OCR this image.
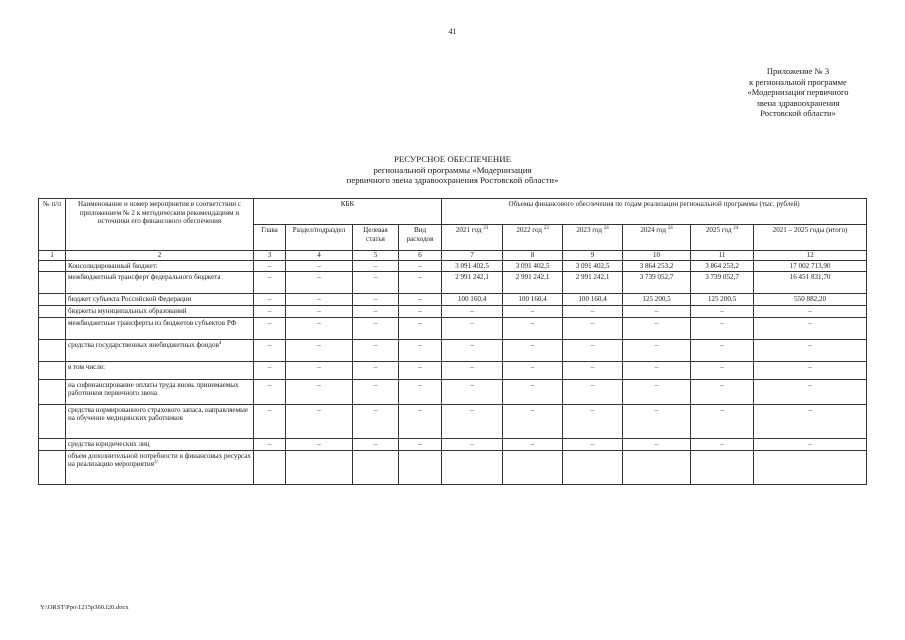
41
Приложение № 3
к региональной программе
«Модернизация первичного
звена здравоохранения
Ростовской области»
РЕСУРСНОЕ ОБЕСПЕЧЕНИЕ
региональной программы «Модернизация
первичного звена здравоохранения Ростовской области»
№ п/п	Наименование и номер мероприятия в соответствии с приложением № 2 к методическим рекомендациям и источники его финансового обеспечения	КБК				Объемы финансового обеспечения по годам реализации региональной программы (тыс. рублей)					
		Глава	Раздел/подраздел	Целевая статья	Вид расходов	2021 год $^{23}$	2022 год $^{23}$	2023 год $^{24}$	2024 год $^{24}$	2025 год $^{24}$	2021 – 2025 годы (итого)
1	2	3	4	5	6	7	8	9	10	11	12
	Консолидированный бюджет:	–	–	–	–	3 091 402,5	3 091 402,5	3 091 402,5	3 864 253,2	3 864 253,2	17 002 713,90
	межбюджетный трансферт федерального бюджета	–	–	–	–	2 991 242,1	2 991 242,1	2 991 242,1	3 739 052,7	3 739 052,7	16 451 831,70
	бюджет субъекта Российской Федерации	–	–	–	–	100 160,4	100 160,4	100 160,4	125 200,5	125 200,5	550 882,20
	бюджеты муниципальных образований	–	–	–	–	–	–	–	–	–	–
	межбюджетные трансферты из бюджетов субъектов РФ	–	–	–	–	–	–	–	–	–	–
	средства государственных внебюджетных фондов$^4$	–	–	–	–	–	–	–	–	–	–
	в том числе:	–	–	–	–	–	–	–	–	–	–
	на софинансирование оплаты труда вновь принимаемых работников первичного звена	–	–	–	–	–	–	–	–	–	–
	средства нормированного страхового запаса, направляемые на обучение медицинских работников	–	–	–	–	–	–	–	–	–	–
	средства юридических лиц	–	–	–	–	–	–	–	–	–	–
	объем дополнительной потребности в финансовых ресурсах на реализацию мероприятия$^{3/}$										
Y:\ORST\Ppo\1215p360.f20.docx
